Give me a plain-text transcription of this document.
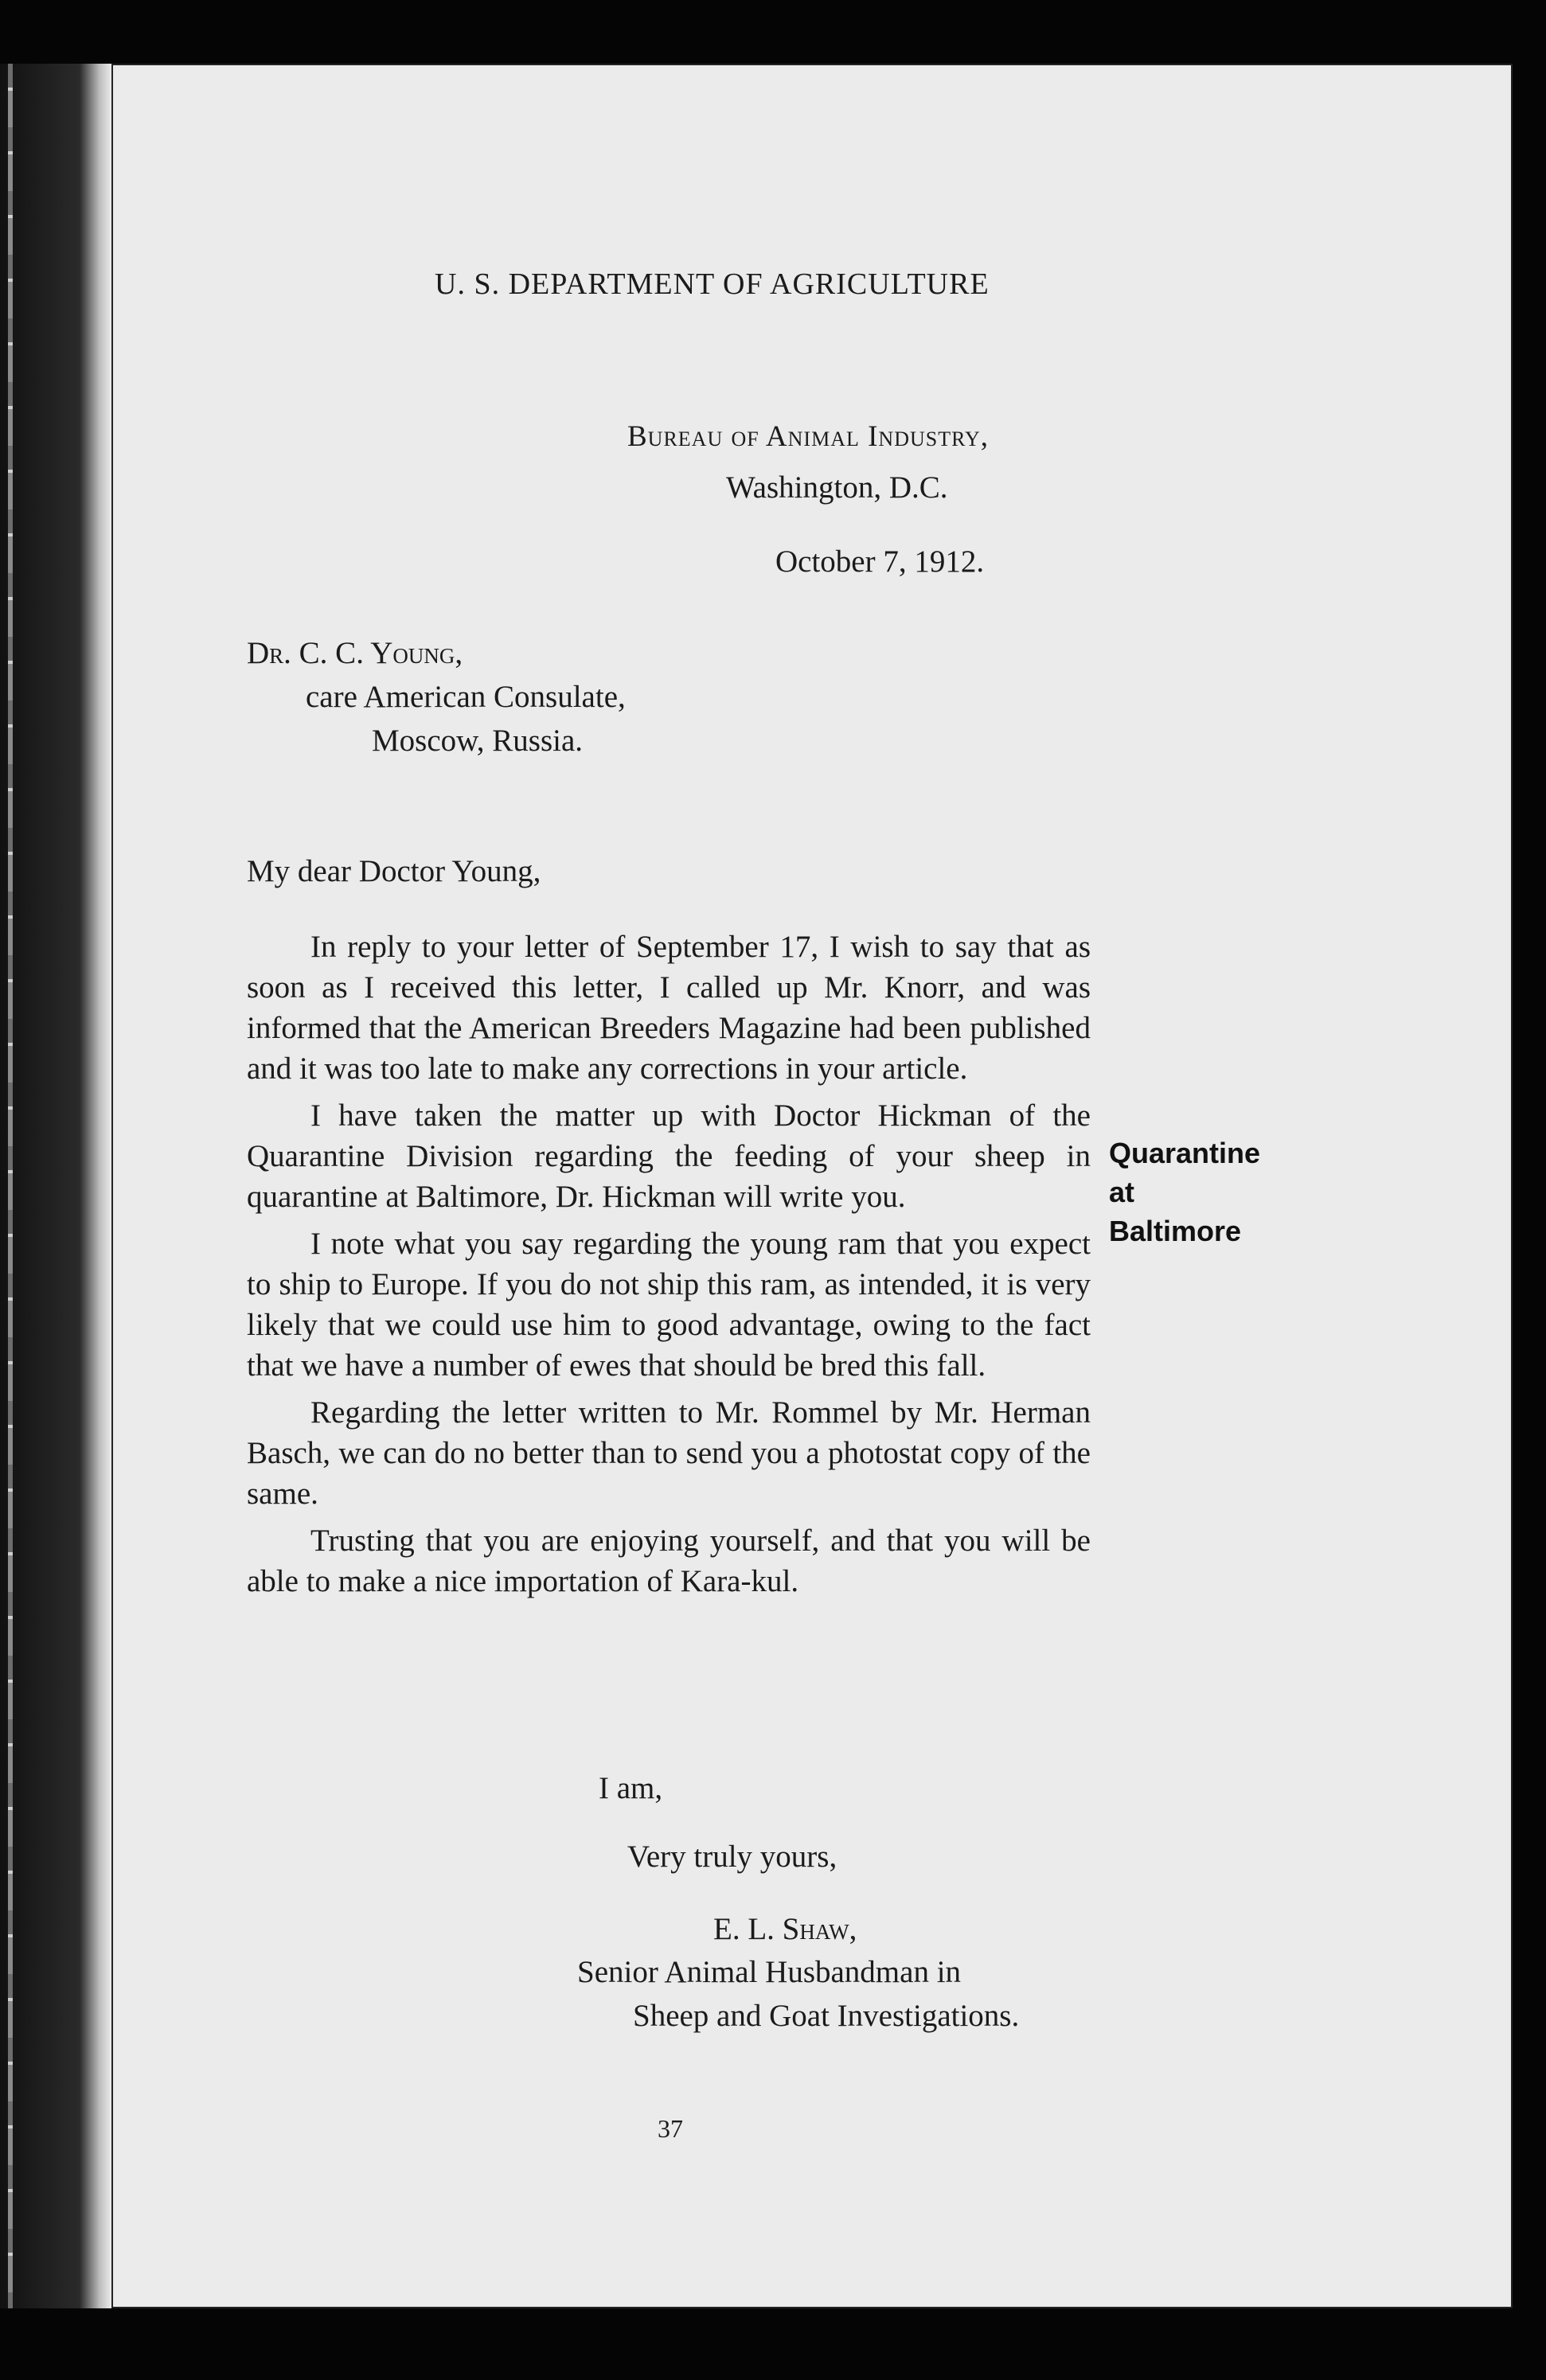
U. S. DEPARTMENT OF AGRICULTURE
Bureau of Animal Industry,
Washington, D.C.
October 7, 1912.
Dr. C. C. Young,
care American Consulate,
Moscow, Russia.
My dear Doctor Young,

In reply to your letter of September 17, I wish to say that as soon as I received this letter, I called up Mr. Knorr, and was informed that the American Breeders Magazine had been published and it was too late to make any corrections in your article.

I have taken the matter up with Doctor Hickman of the Quarantine Division regarding the feeding of your sheep in quarantine at Baltimore, Dr. Hickman will write you.

I note what you say regarding the young ram that you expect to ship to Europe. If you do not ship this ram, as intended, it is very likely that we could use him to good advantage, owing to the fact that we have a number of ewes that should be bred this fall.

Regarding the letter written to Mr. Rommel by Mr. Herman Basch, we can do no better than to send you a photostat copy of the same.

Trusting that you are enjoying yourself, and that you will be able to make a nice importation of Kara-kul.

Quarantine
at
Baltimore
I am,
Very truly yours,
E. L. Shaw,
Senior Animal Husbandman in
Sheep and Goat Investigations.
37
